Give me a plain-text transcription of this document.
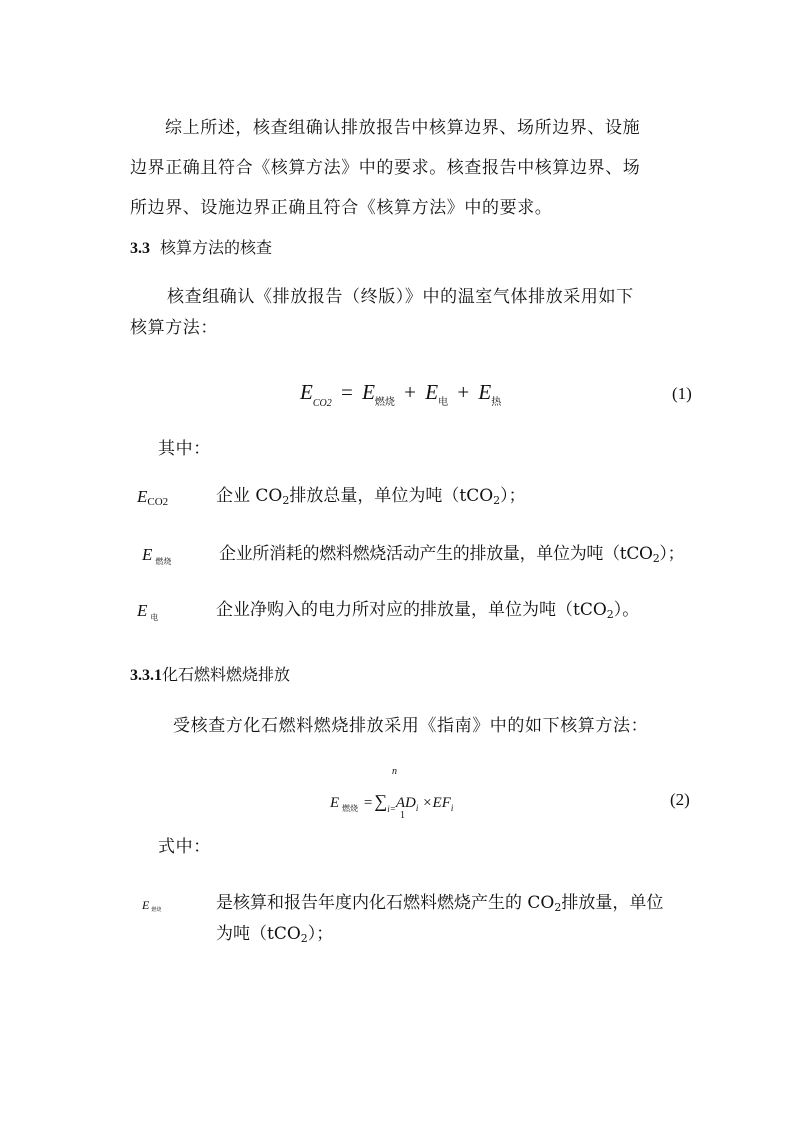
综上所述，核查组确认排放报告中核算边界、场所边界、设施
边界正确且符合《核算方法》中的要求。核查报告中核算边界、场
所边界、设施边界正确且符合《核算方法》中的要求。
3.3 核算方法的核查
核查组确认《排放报告（终版）》中的温室气体排放采用如下
核算方法：
$E_{CO2} = E_{燃烧} + E_电 + E_热$	(1)
其中：
ECO2	企业 $CO_2$排放总量，单位为吨（tCO$_2$）；
E $_{燃烧}$	企业所消耗的燃料燃烧活动产生的排放量，单位为吨（tCO$_2$）；
E $_电$	企业净购入的电力所对应的排放量，单位为吨（tCO$_2$）。
3.3.1化石燃料燃烧排放
受核查方化石燃料燃烧排放采用《指南》中的如下核算方法：
n
E $_{燃烧} = \sum_{i=}AD_i \times EF_i$
1
(2)
式中：
E燃烧	是核算和报告年度内化石燃料燃烧产生的 $CO_2$排放量，单位
为吨（tCO$_2$）；
